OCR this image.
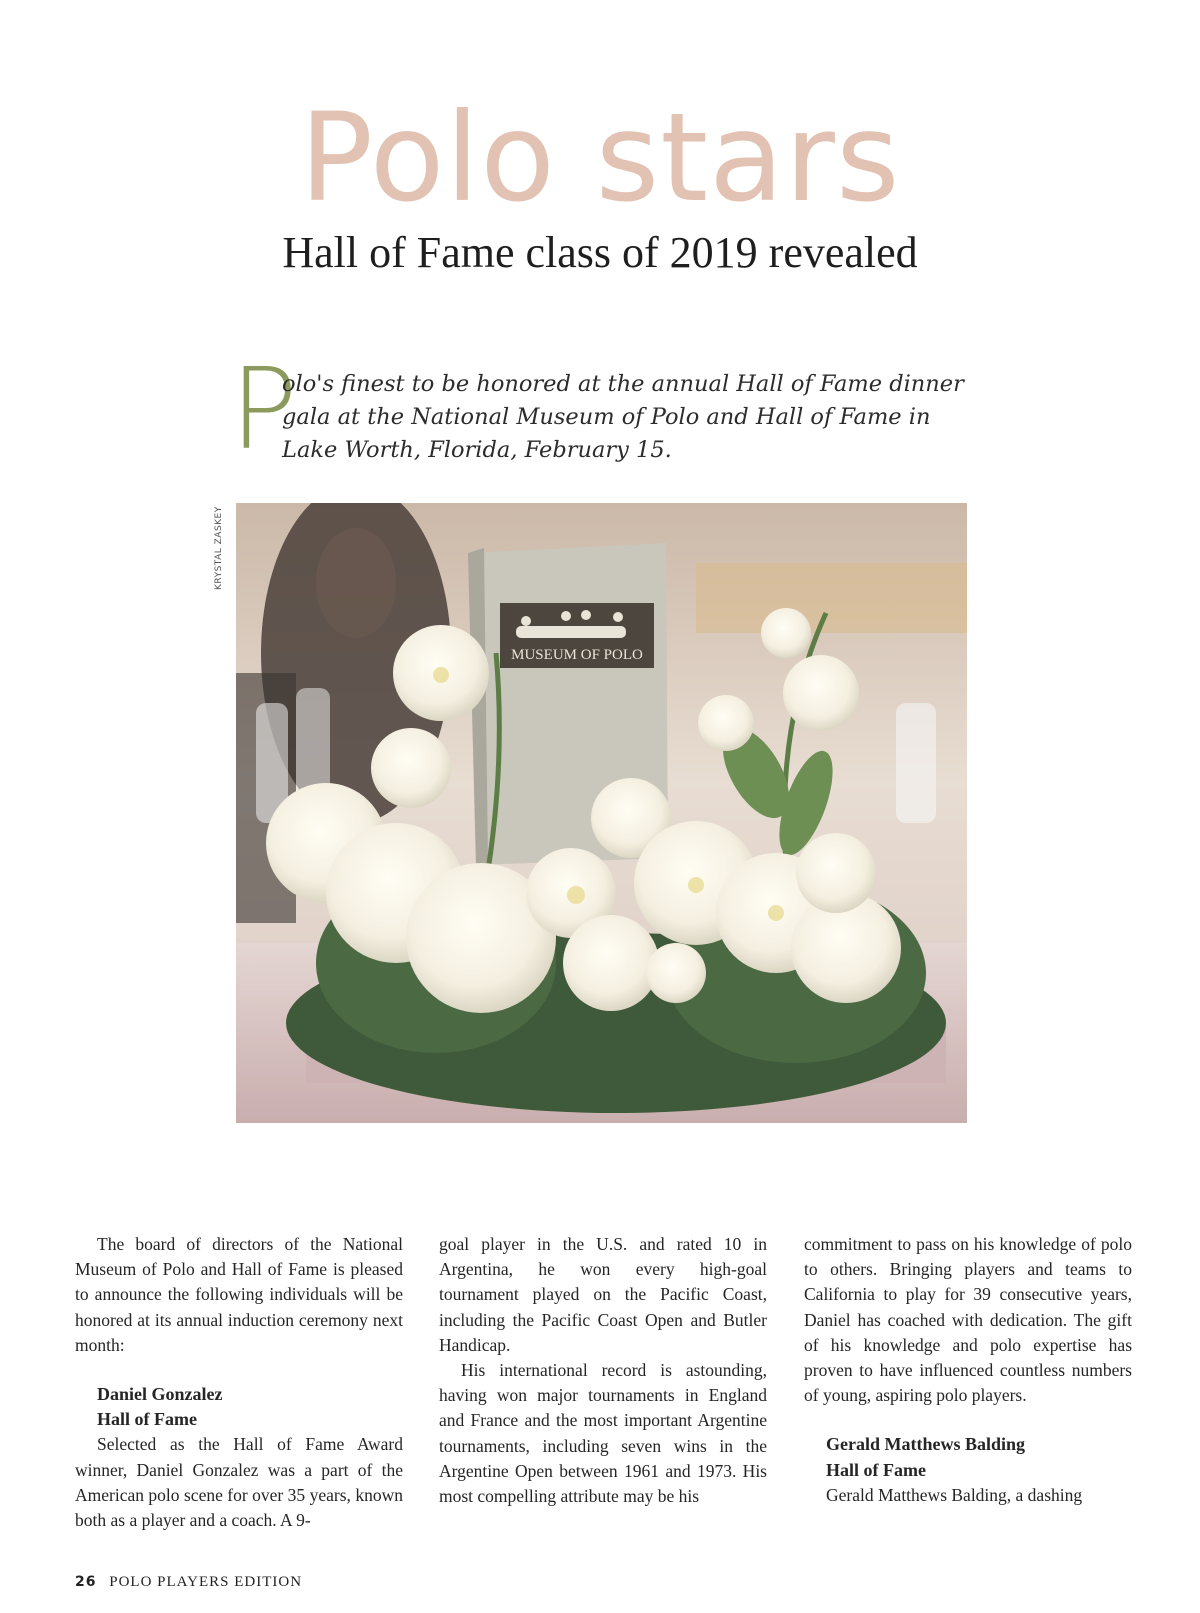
Polo stars
Hall of Fame class of 2019 revealed
P

olo's finest to be honored at the annual Hall of Fame dinner gala at the National Museum of Polo and Hall of Fame in Lake Worth, Florida, February 15.

KRYSTAL ZASKEY
MUSEUM OF POLO

The board of directors of the National Museum of Polo and Hall of Fame is pleased to announce the following individuals will be honored at its annual induction ceremony next month:

Daniel Gonzalez

Hall of Fame

Selected as the Hall of Fame Award winner, Daniel Gonzalez was a part of the American polo scene for over 35 years, known both as a player and a coach. A 9-

goal player in the U.S. and rated 10 in Argentina, he won every high-goal tournament played on the Pacific Coast, including the Pacific Coast Open and Butler Handicap.

His international record is astounding, having won major tournaments in England and France and the most important Argentine tournaments, including seven wins in the Argentine Open between 1961 and 1973. His most compelling attribute may be his

commitment to pass on his knowledge of polo to others. Bringing players and teams to California to play for 39 consecutive years, Daniel has coached with dedication. The gift of his knowledge and polo expertise has proven to have influenced countless numbers of young, aspiring polo players.

Gerald Matthews Balding

Hall of Fame

Gerald Matthews Balding, a dashing

26 POLO PLAYERS EDITION
